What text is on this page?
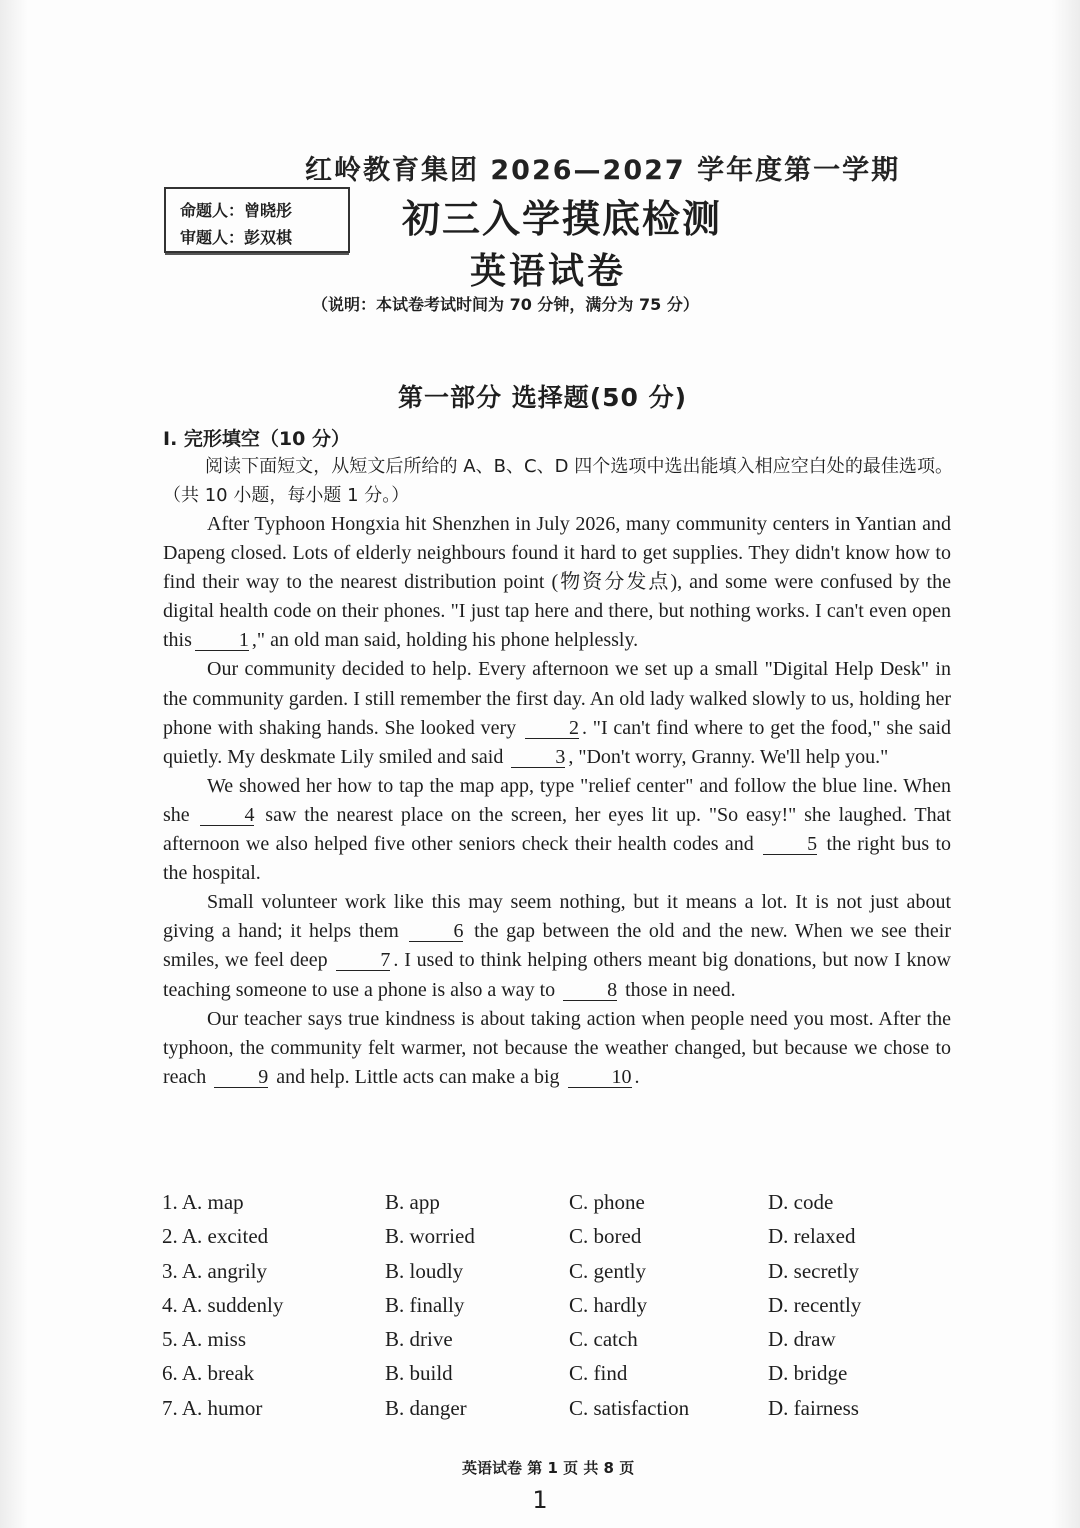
红岭教育集团 2026—2027 学年度第一学期
命题人：曾晓彤
审题人：彭双棋	初三入学摸底检测
英语试卷
（说明：本试卷考试时间为 70 分钟，满分为 75 分）
第一部分 选择题(50 分)
I. 完形填空（10 分）
阅读下面短文，从短文后所给的 A、B、C、D 四个选项中选出能填入相应空白处的最佳选项。（共 10 小题，每小题 1 分。）

After Typhoon Hongxia hit Shenzhen in July 2026, many community centers in Yantian and Dapeng closed. Lots of elderly neighbours found it hard to get supplies. They didn't know how to find their way to the nearest distribution point (物资分发点), and some were confused by the digital health code on their phones. "I just tap here and there, but nothing works. I can't even open this 1 ," an old man said, holding his phone helplessly.

Our community decided to help. Every afternoon we set up a small "Digital Help Desk" in the community garden. I still remember the first day. An old lady walked slowly to us, holding her phone with shaking hands. She looked very	2 . "I can't find where to get the food," she said quietly. My deskmate Lily smiled and said	3 , "Don't worry, Granny. We'll help you."

We showed her how to tap the map app, type "relief center" and follow the blue line. When she	4 saw the nearest place on the screen, her eyes lit up. "So easy!" she laughed. That afternoon we also helped five other seniors check their health codes and	5 the right bus to the hospital.

Small volunteer work like this may seem nothing, but it means a lot. It is not just about giving a hand; it helps them	6 the gap between the old and the new. When we see their smiles, we feel deep	7 . I used to think helping others meant big donations, but now I know teaching someone to use a phone is also a way to	8 those in need.

Our teacher says true kindness is about taking action when people need you most. After the typhoon, the community felt warmer, not because the weather changed, but because we chose to reach	9 and help. Little acts can make a big	10 .

1. A. map	B. app	C. phone	D. code
2. A. excited	B. worried	C. bored	D. relaxed
3. A. angrily	B. loudly	C. gently	D. secretly
4. A. suddenly	B. finally	C. hardly	D. recently
5. A. miss	B. drive	C. catch	D. draw
6. A. break	B. build	C. find	D. bridge
7. A. humor	B. danger	C. satisfaction	D. fairness
英语试卷 第 1 页 共 8 页
1
